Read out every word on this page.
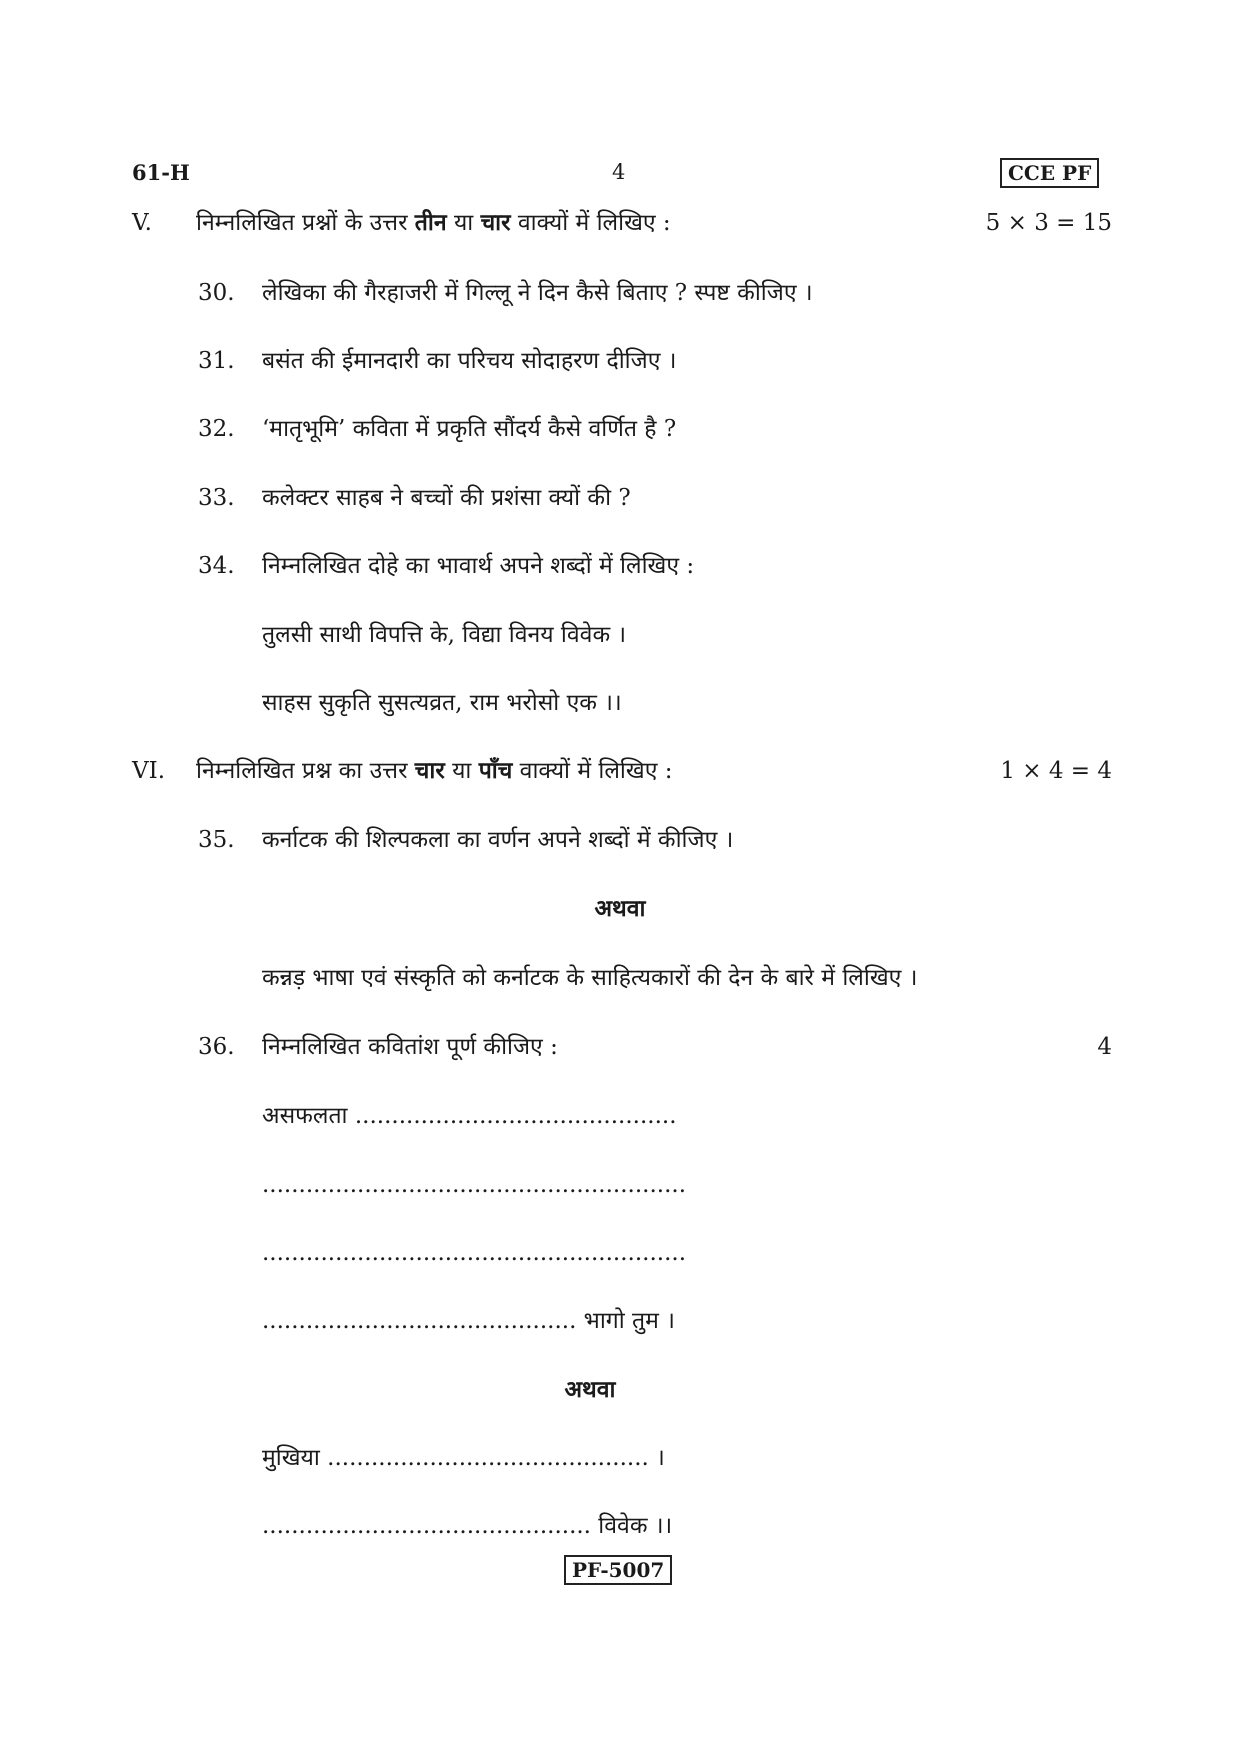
61-H	4	CCE PF
V. निम्नलिखित प्रश्नों के उत्तर तीन या चार वाक्यों में लिखिए :	5 × 3 = 15
30. लेखिका की गैरहाजरी में गिल्लू ने दिन कैसे बिताए ? स्पष्ट कीजिए ।
31. बसंत की ईमानदारी का परिचय सोदाहरण दीजिए ।
32. ‘मातृभूमि’ कविता में प्रकृति सौंदर्य कैसे वर्णित है ?
33. कलेक्टर साहब ने बच्चों की प्रशंसा क्यों की ?
34. निम्नलिखित दोहे का भावार्थ अपने शब्दों में लिखिए :
तुलसी साथी विपत्ति के, विद्या विनय विवेक ।
साहस सुकृति सुसत्यव्रत, राम भरोसो एक ।।
VI. निम्नलिखित प्रश्न का उत्तर चार या पाँच वाक्यों में लिखिए :	1 × 4 = 4
35. कर्नाटक की शिल्पकला का वर्णन अपने शब्दों में कीजिए ।
अथवा
कन्नड़ भाषा एवं संस्कृति को कर्नाटक के साहित्यकारों की देन के बारे में लिखिए ।
36. निम्नलिखित कवितांश पूर्ण कीजिए :	4
असफलता ............................................
..........................................................
..........................................................
........................................... भागो तुम ।
अथवा
मुखिया ............................................ ।
............................................. विवेक ।।
PF-5007
